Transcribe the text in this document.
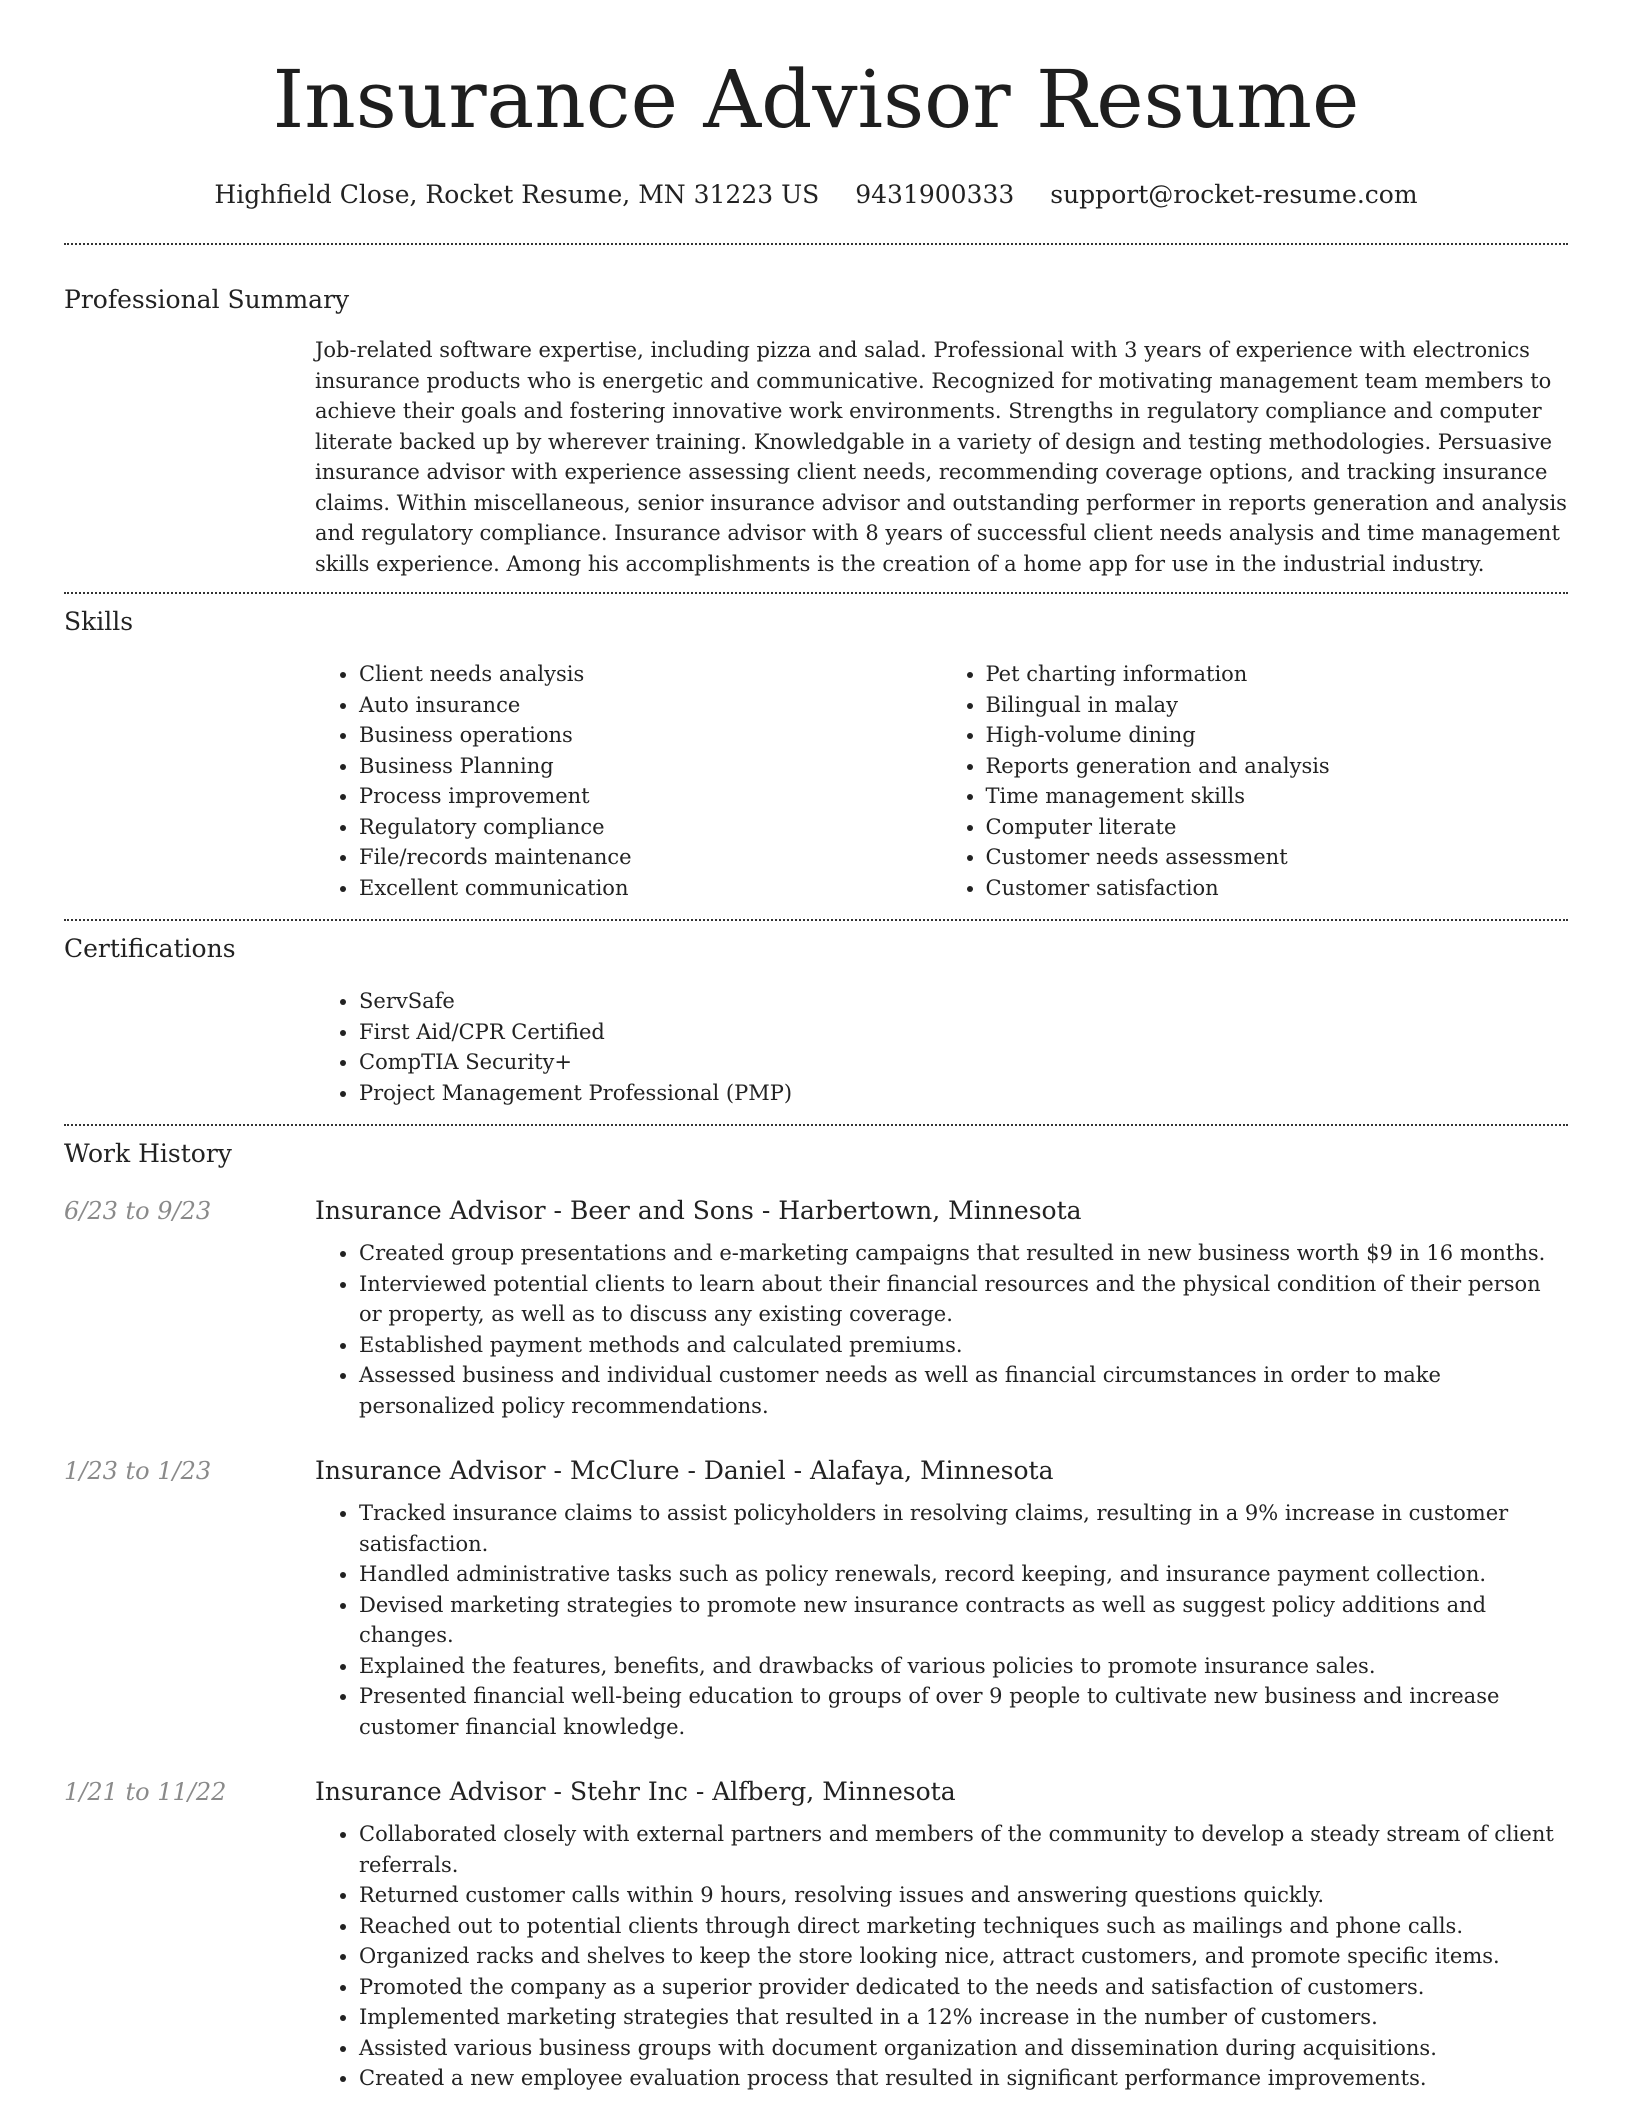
Insurance Advisor Resume
Highfield Close, Rocket Resume, MN 31223 US 9431900333 support@rocket-resume.com
Professional Summary

Job-related software expertise, including pizza and salad. Professional with 3 years of experience with electronics insurance products who is energetic and communicative. Recognized for motivating management team members to achieve their goals and fostering innovative work environments. Strengths in regulatory compliance and computer literate backed up by wherever training. Knowledgable in a variety of design and testing methodologies. Persuasive insurance advisor with experience assessing client needs, recommending coverage options, and tracking insurance claims. Within miscellaneous, senior insurance advisor and outstanding performer in reports generation and analysis and regulatory compliance. Insurance advisor with 8 years of successful client needs analysis and time management skills experience. Among his accomplishments is the creation of a home app for use in the industrial industry.

Skills
• Client needs analysis
• Auto insurance
• Business operations
• Business Planning
• Process improvement
• Regulatory compliance
• File/records maintenance
• Excellent communication
• Pet charting information
• Bilingual in malay
• High-volume dining
• Reports generation and analysis
• Time management skills
• Computer literate
• Customer needs assessment
• Customer satisfaction
Certifications
• ServSafe
• First Aid/CPR Certified
• CompTIA Security+
• Project Management Professional (PMP)
Work History
6/23 to 9/23	Insurance Advisor - Beer and Sons - Harbertown, Minnesota
• Created group presentations and e-marketing campaigns that resulted in new business worth $9 in 16 months.
• Interviewed potential clients to learn about their financial resources and the physical condition of their person or property, as well as to discuss any existing coverage.
• Established payment methods and calculated premiums.
• Assessed business and individual customer needs as well as financial circumstances in order to make personalized policy recommendations.
1/23 to 1/23	Insurance Advisor - McClure - Daniel - Alafaya, Minnesota
• Tracked insurance claims to assist policyholders in resolving claims, resulting in a 9% increase in customer satisfaction.
• Handled administrative tasks such as policy renewals, record keeping, and insurance payment collection.
• Devised marketing strategies to promote new insurance contracts as well as suggest policy additions and changes.
• Explained the features, benefits, and drawbacks of various policies to promote insurance sales.
• Presented financial well-being education to groups of over 9 people to cultivate new business and increase customer financial knowledge.
1/21 to 11/22	Insurance Advisor - Stehr Inc - Alfberg, Minnesota
• Collaborated closely with external partners and members of the community to develop a steady stream of client referrals.
• Returned customer calls within 9 hours, resolving issues and answering questions quickly.
• Reached out to potential clients through direct marketing techniques such as mailings and phone calls.
• Organized racks and shelves to keep the store looking nice, attract customers, and promote specific items.
• Promoted the company as a superior provider dedicated to the needs and satisfaction of customers.
• Implemented marketing strategies that resulted in a 12% increase in the number of customers.
• Assisted various business groups with document organization and dissemination during acquisitions.
• Created a new employee evaluation process that resulted in significant performance improvements.
